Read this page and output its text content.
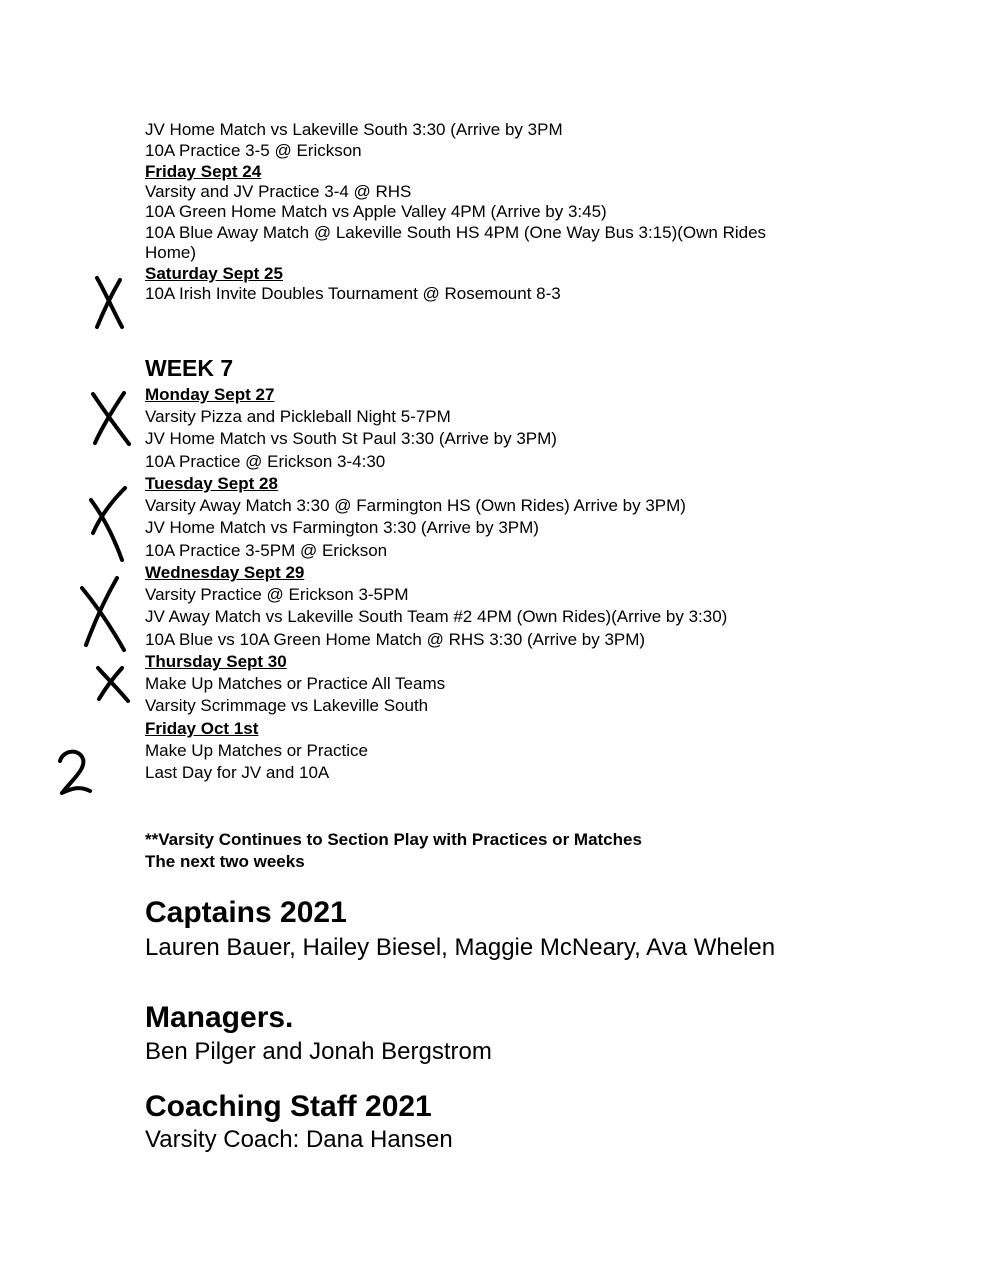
JV Home Match vs Lakeville South 3:30 (Arrive by 3PM
10A Practice 3-5 @ Erickson
Friday Sept 24
Varsity and JV Practice 3-4 @ RHS
10A Green Home Match vs Apple Valley 4PM (Arrive by 3:45)
10A Blue Away Match @ Lakeville South HS 4PM (One Way Bus 3:15)(Own Rides
Home)
Saturday Sept 25
10A Irish Invite Doubles Tournament @ Rosemount 8-3
WEEK 7
Monday Sept 27
Varsity Pizza and Pickleball Night 5-7PM
JV Home Match vs South St Paul 3:30 (Arrive by 3PM)
10A Practice @ Erickson 3-4:30
Tuesday Sept 28
Varsity Away Match 3:30 @ Farmington HS (Own Rides) Arrive by 3PM)
JV Home Match vs Farmington 3:30 (Arrive by 3PM)
10A Practice 3-5PM @ Erickson
Wednesday Sept 29
Varsity Practice @ Erickson 3-5PM
JV Away Match vs Lakeville South Team #2 4PM (Own Rides)(Arrive by 3:30)
10A Blue vs 10A Green Home Match @ RHS 3:30 (Arrive by 3PM)
Thursday Sept 30
Make Up Matches or Practice All Teams
Varsity Scrimmage vs Lakeville South
Friday Oct 1st
Make Up Matches or Practice
Last Day for JV and 10A
**Varsity Continues to Section Play with Practices or Matches
The next two weeks
Captains 2021
Lauren Bauer, Hailey Biesel, Maggie McNeary, Ava Whelen
Managers.
Ben Pilger and Jonah Bergstrom
Coaching Staff 2021
Varsity Coach: Dana Hansen
